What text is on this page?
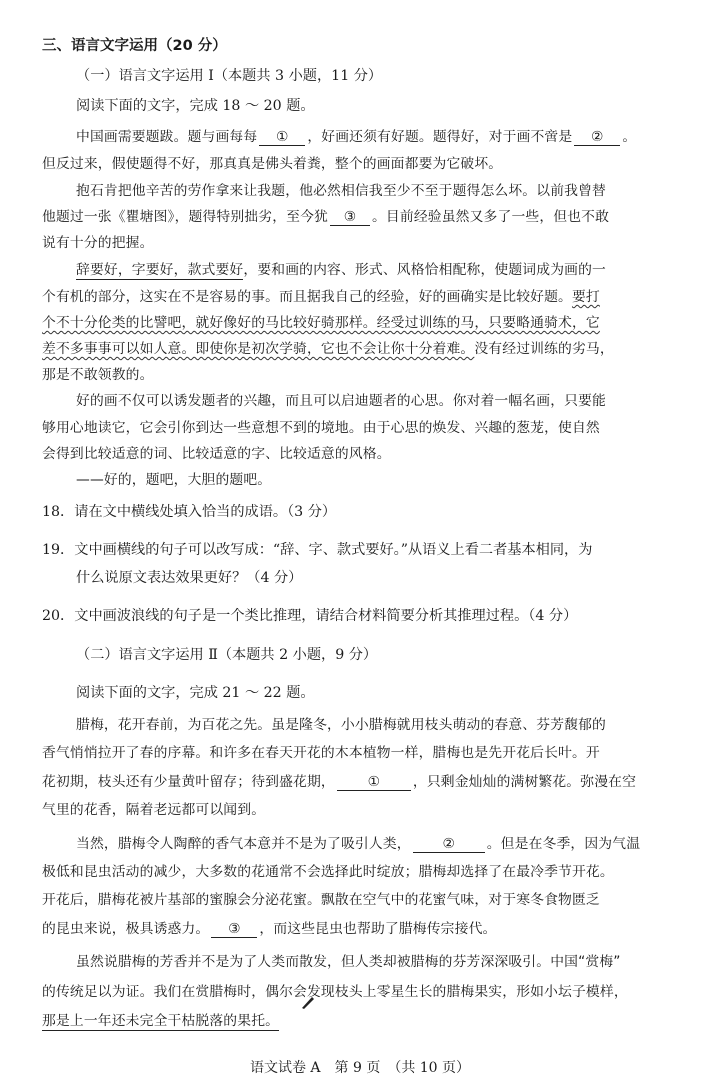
三、语言文字运用（20 分）
（一）语言文字运用 Ⅰ（本题共 3 小题，11 分）
阅读下面的文字，完成 18 ～ 20 题。
中国画需要题跋。题与画每每 ① ，好画还须有好题。题得好，对于画不啻是 ② 。
但反过来，假使题得不好，那真真是佛头着粪，整个的画面都要为它破坏。
抱石肯把他辛苦的劳作拿来让我题，他必然相信我至少不至于题得怎么坏。以前我曾替
他题过一张《瞿塘图》，题得特别拙劣，至今犹 ③ 。目前经验虽然又多了一些，但也不敢
说有十分的把握。
辞要好，字要好，款式要好，要和画的内容、形式、风格恰相配称，使题词成为画的一
个有机的部分，这实在不是容易的事。而且据我自己的经验，好的画确实是比较好题。要打
个不十分伦类的比譬吧，就好像好的马比较好骑那样。经受过训练的马，只要略通骑术，它
差不多事事可以如人意。即使你是初次学骑，它也不会让你十分着难。没有经过训练的劣马，
那是不敢领教的。
好的画不仅可以诱发题者的兴趣，而且可以启迪题者的心思。你对着一幅名画，只要能
够用心地读它，它会引你到达一些意想不到的境地。由于心思的焕发、兴趣的葱茏，使自然
会得到比较适意的词、比较适意的字、比较适意的风格。
——好的，题吧，大胆的题吧。
18．请在文中横线处填入恰当的成语。（3 分）
19．文中画横线的句子可以改写成：“辞、字、款式要好。”从语义上看二者基本相同，为
什么说原文表达效果更好？（4 分）
20．文中画波浪线的句子是一个类比推理，请结合材料简要分析其推理过程。（4 分）
（二）语言文字运用 Ⅱ（本题共 2 小题，9 分）
阅读下面的文字，完成 21 ～ 22 题。
腊梅，花开春前，为百花之先。虽是隆冬，小小腊梅就用枝头萌动的春意、芬芳馥郁的
香气悄悄拉开了春的序幕。和许多在春天开花的木本植物一样，腊梅也是先开花后长叶。开
花初期，枝头还有少量黄叶留存；待到盛花期， ① ，只剩金灿灿的满树繁花。弥漫在空
气里的花香，隔着老远都可以闻到。
当然，腊梅令人陶醉的香气本意并不是为了吸引人类， ② 。但是在冬季，因为气温
极低和昆虫活动的减少，大多数的花通常不会选择此时绽放；腊梅却选择了在最冷季节开花。
开花后，腊梅花被片基部的蜜腺会分泌花蜜。飘散在空气中的花蜜气味，对于寒冬食物匮乏
的昆虫来说，极具诱惑力。 ③ ，而这些昆虫也帮助了腊梅传宗接代。
虽然说腊梅的芳香并不是为了人类而散发，但人类却被腊梅的芬芳深深吸引。中国“赏梅”
的传统足以为证。我们在赏腊梅时，偶尔会发现枝头上零星生长的腊梅果实，形如小坛子模样，
那是上一年还未完全干枯脱落的果托。
语文试卷 A　第 9 页　（共 10 页）
